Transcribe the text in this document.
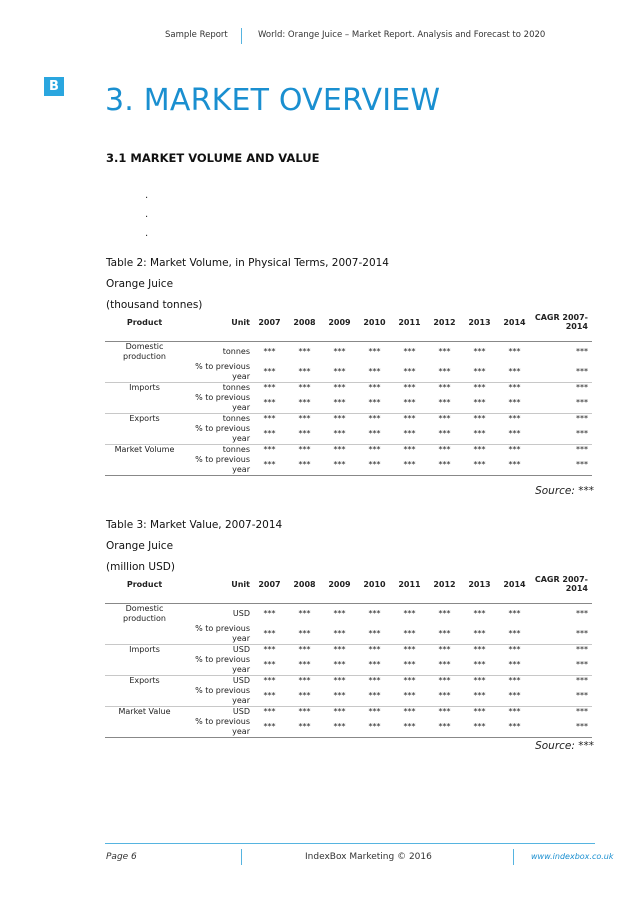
Sample Report	World: Orange Juice – Market Report. Analysis and Forecast to 2020
B 3. MARKET OVERVIEW
3.1 MARKET VOLUME AND VALUE
.
.
.
Table 2: Market Volume, in Physical Terms, 2007-2014
Orange Juice
(thousand tonnes)
Product	Unit	2007	2008	2009	2010	2011	2012	2013	2014	CAGR 2007-2014
Domestic production	tonnes	***	***	***	***	***	***	***	***	***
	% to previous year	***	***	***	***	***	***	***	***	***
Imports	tonnes	***	***	***	***	***	***	***	***	***
	% to previous year	***	***	***	***	***	***	***	***	***
Exports	tonnes	***	***	***	***	***	***	***	***	***
	% to previous year	***	***	***	***	***	***	***	***	***
Market Volume	tonnes	***	***	***	***	***	***	***	***	***
	% to previous year	***	***	***	***	***	***	***	***	***
Source: ***
Table 3: Market Value, 2007-2014
Orange Juice
(million USD)
Product	Unit	2007	2008	2009	2010	2011	2012	2013	2014	CAGR 2007-2014
Domestic production	USD	***	***	***	***	***	***	***	***	***
	% to previous year	***	***	***	***	***	***	***	***	***
Imports	USD	***	***	***	***	***	***	***	***	***
	% to previous year	***	***	***	***	***	***	***	***	***
Exports	USD	***	***	***	***	***	***	***	***	***
	% to previous year	***	***	***	***	***	***	***	***	***
Market Value	USD	***	***	***	***	***	***	***	***	***
	% to previous year	***	***	***	***	***	***	***	***	***
Source: ***
Page 6	IndexBox Marketing © 2016	www.indexbox.co.uk
